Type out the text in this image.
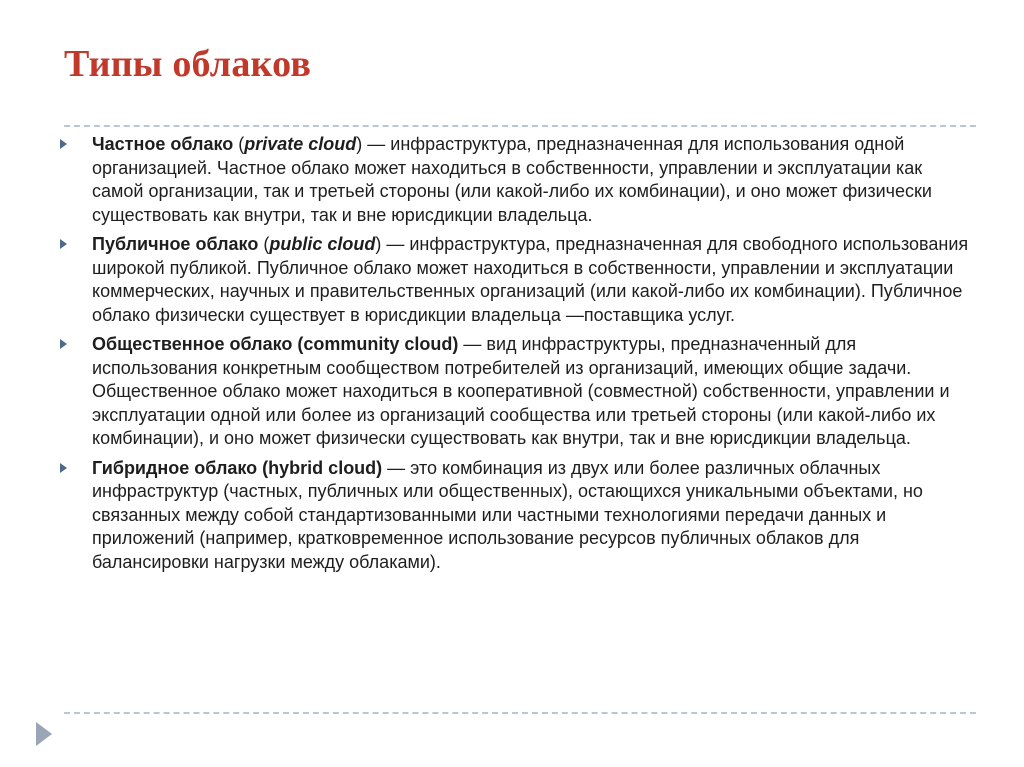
Типы облаков
Частное облако (private cloud) — инфраструктура, предназначенная для использования одной организацией. Частное облако может находиться в собственности, управлении и эксплуатации как самой организации, так и третьей стороны (или какой-либо их комбинации), и оно может физически существовать как внутри, так и вне юрисдикции владельца.
Публичное облако (public cloud) — инфраструктура, предназначенная для свободного использования широкой публикой. Публичное облако может находиться в собственности, управлении и эксплуатации коммерческих, научных и правительственных организаций (или какой-либо их комбинации). Публичное облако физически существует в юрисдикции владельца —поставщика услуг.
Общественное облако (community cloud) — вид инфраструктуры, предназначенный для использования конкретным сообществом потребителей из организаций, имеющих общие задачи. Общественное облако может находиться в кооперативной (совместной) собственности, управлении и эксплуатации одной или более из организаций сообщества или третьей стороны (или какой-либо их комбинации), и оно может физически существовать как внутри, так и вне юрисдикции владельца.
Гибридное облако (hybrid cloud) — это комбинация из двух или более различных облачных инфраструктур (частных, публичных или общественных), остающихся уникальными объектами, но связанных между собой стандартизованными или частными технологиями передачи данных и приложений (например, кратковременное использование ресурсов публичных облаков для балансировки нагрузки между облаками).
